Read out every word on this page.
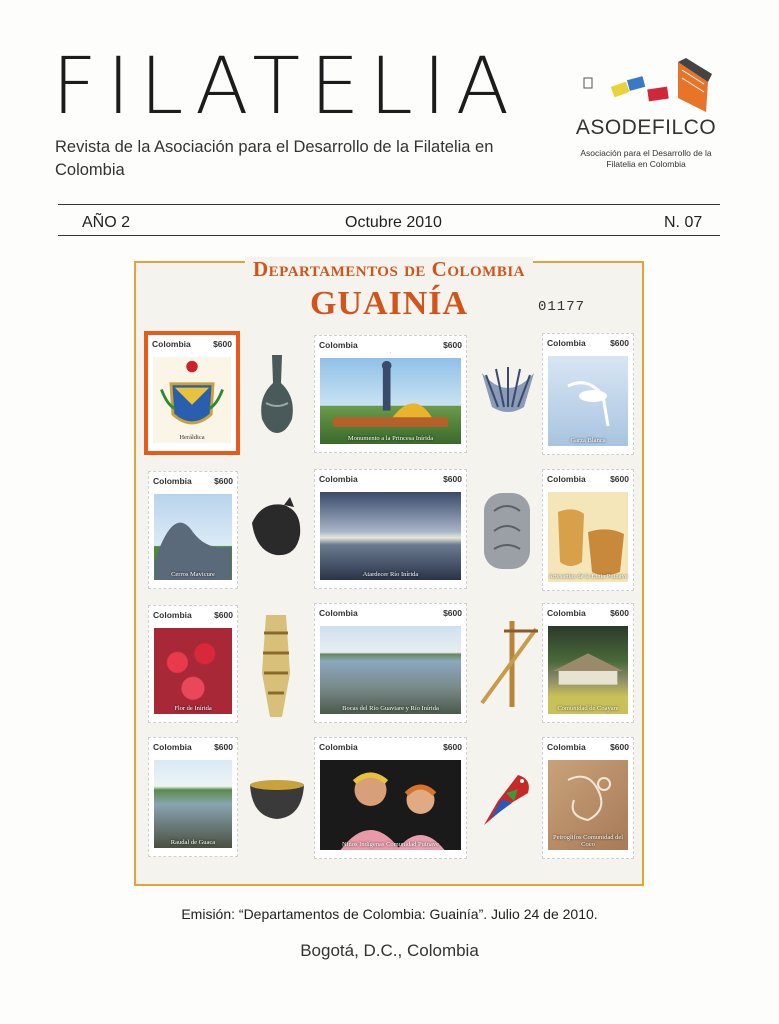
FILATELIA
Revista de la Asociación para el Desarrollo de la Filatelia en Colombia
ASODEFILCO
Asociación para el Desarrollo de la Filatelia en Colombia
AÑO 2	Octubre 2010	N. 07
Departamentos de Colombia
GUAINÍA	01177
Colombia	$600
Heráldica
Colombia	$600
·
Monumento a la Princesa Inírida
Colombia	$600
Garza Blanca
Colombia	$600
Cerros Mavicure
Colombia	$600
Atardecer Río Inírida
Colombia	$600
Artesanías de la Etnia Puinave
Colombia	$600
Flor de Inírida
Colombia	$600
Bocas del Río Guaviare y Río Inírida
Colombia	$600
Comunidad de Coayare
Colombia	$600
Raudal de Guaca
Colombia	$600
Niños Indígenas Comunidad Puinave
Colombia	$600
Petroglifos Comunidad del Coco
Emisión: “Departamentos de Colombia: Guainía”. Julio 24 de 2010.
Bogotá, D.C., Colombia
